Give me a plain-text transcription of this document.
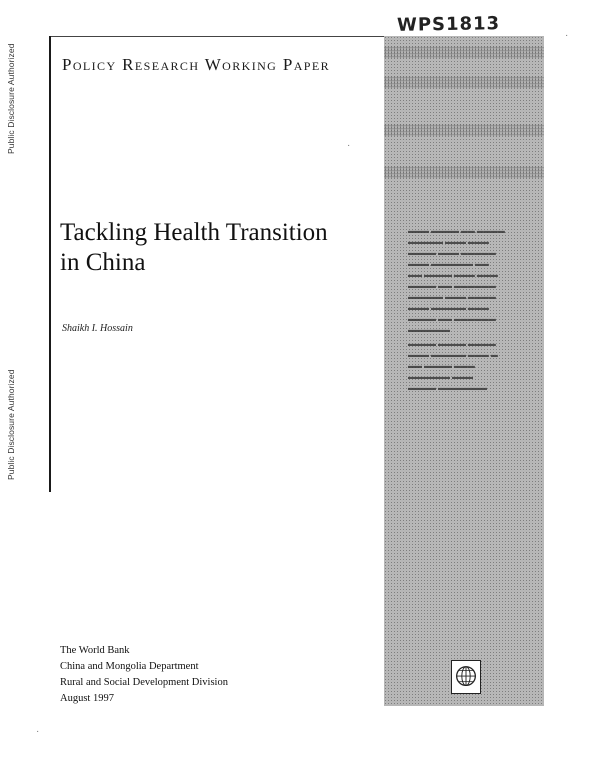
Public Disclosure Authorized
Public Disclosure Authorized
WPS1813
Policy Research Working Paper
Tackling Health Transition
in China
Shaikh I. Hossain

▬▬▬ ▬▬▬▬ ▬▬ ▬▬▬▬
▬▬▬▬▬ ▬▬▬ ▬▬▬
▬▬▬▬ ▬▬▬ ▬▬▬▬▬
▬▬▬ ▬▬▬▬▬▬ ▬▬
▬▬ ▬▬▬▬ ▬▬▬ ▬▬▬
▬▬▬▬ ▬▬ ▬▬▬▬▬▬
▬▬▬▬▬ ▬▬▬ ▬▬▬▬
▬▬▬ ▬▬▬▬▬ ▬▬▬
▬▬▬▬ ▬▬ ▬▬▬▬▬▬
▬▬▬▬▬▬

▬▬▬▬ ▬▬▬▬ ▬▬▬▬
▬▬▬ ▬▬▬▬▬ ▬▬▬ ▬
▬▬ ▬▬▬▬ ▬▬▬
▬▬▬▬▬▬ ▬▬▬
▬▬▬▬ ▬▬▬▬▬▬▬

The World Bank
China and Mongolia Department
Rural and Social Development Division
August 1997
·
·
·
